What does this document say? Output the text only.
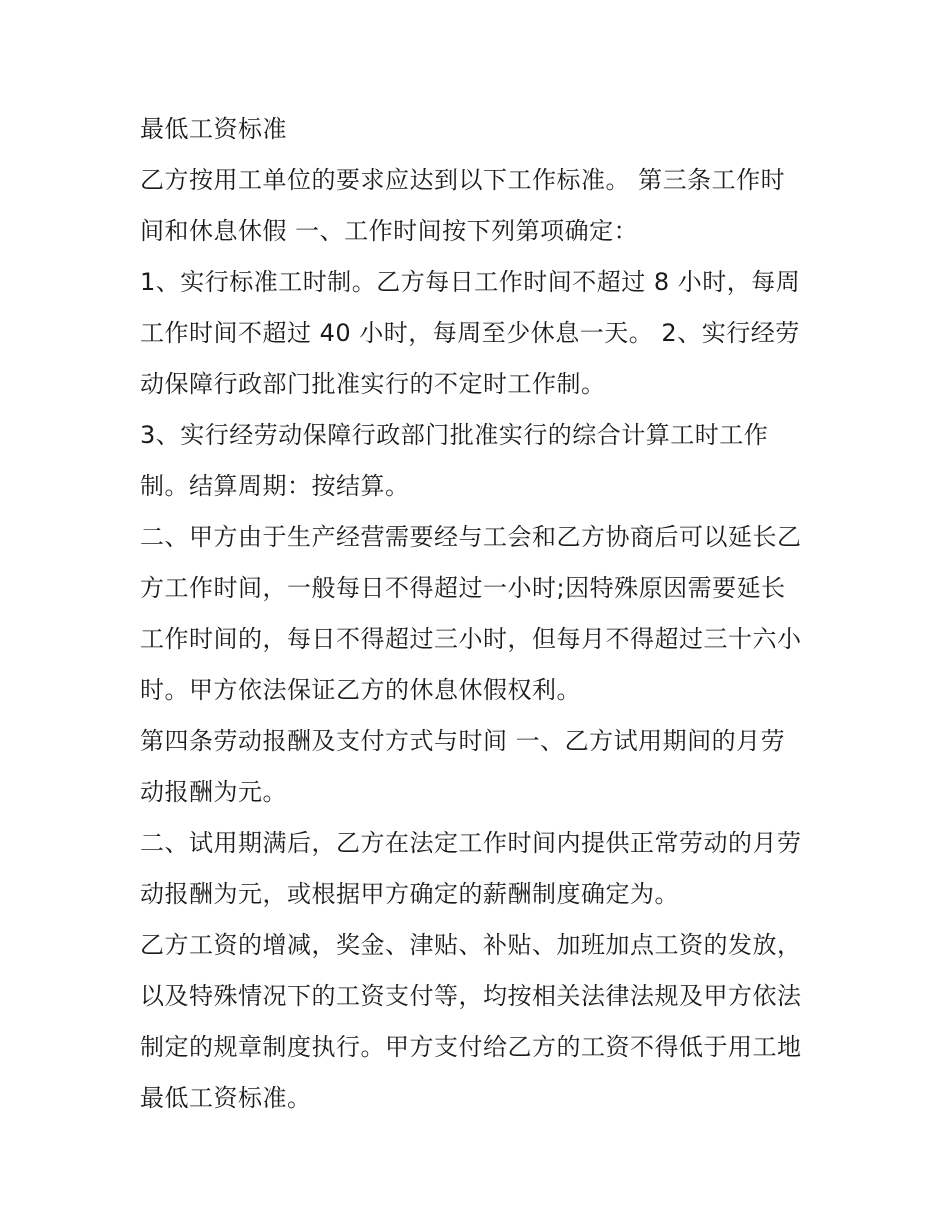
最低工资标准
乙方按用工单位的要求应达到以下工作标准。 第三条工作时
间和休息休假 一、工作时间按下列第项确定：
1、实行标准工时制。乙方每日工作时间不超过 8 小时，每周
工作时间不超过 40 小时，每周至少休息一天。 2、实行经劳
动保障行政部门批准实行的不定时工作制。
3、实行经劳动保障行政部门批准实行的综合计算工时工作
制。结算周期：按结算。
二、甲方由于生产经营需要经与工会和乙方协商后可以延长乙
方工作时间，一般每日不得超过一小时;因特殊原因需要延长
工作时间的，每日不得超过三小时，但每月不得超过三十六小
时。甲方依法保证乙方的休息休假权利。
第四条劳动报酬及支付方式与时间 一、乙方试用期间的月劳
动报酬为元。
二、试用期满后，乙方在法定工作时间内提供正常劳动的月劳
动报酬为元，或根据甲方确定的薪酬制度确定为。
乙方工资的增减，奖金、津贴、补贴、加班加点工资的发放，
以及特殊情况下的工资支付等，均按相关法律法规及甲方依法
制定的规章制度执行。甲方支付给乙方的工资不得低于用工地
最低工资标准。
